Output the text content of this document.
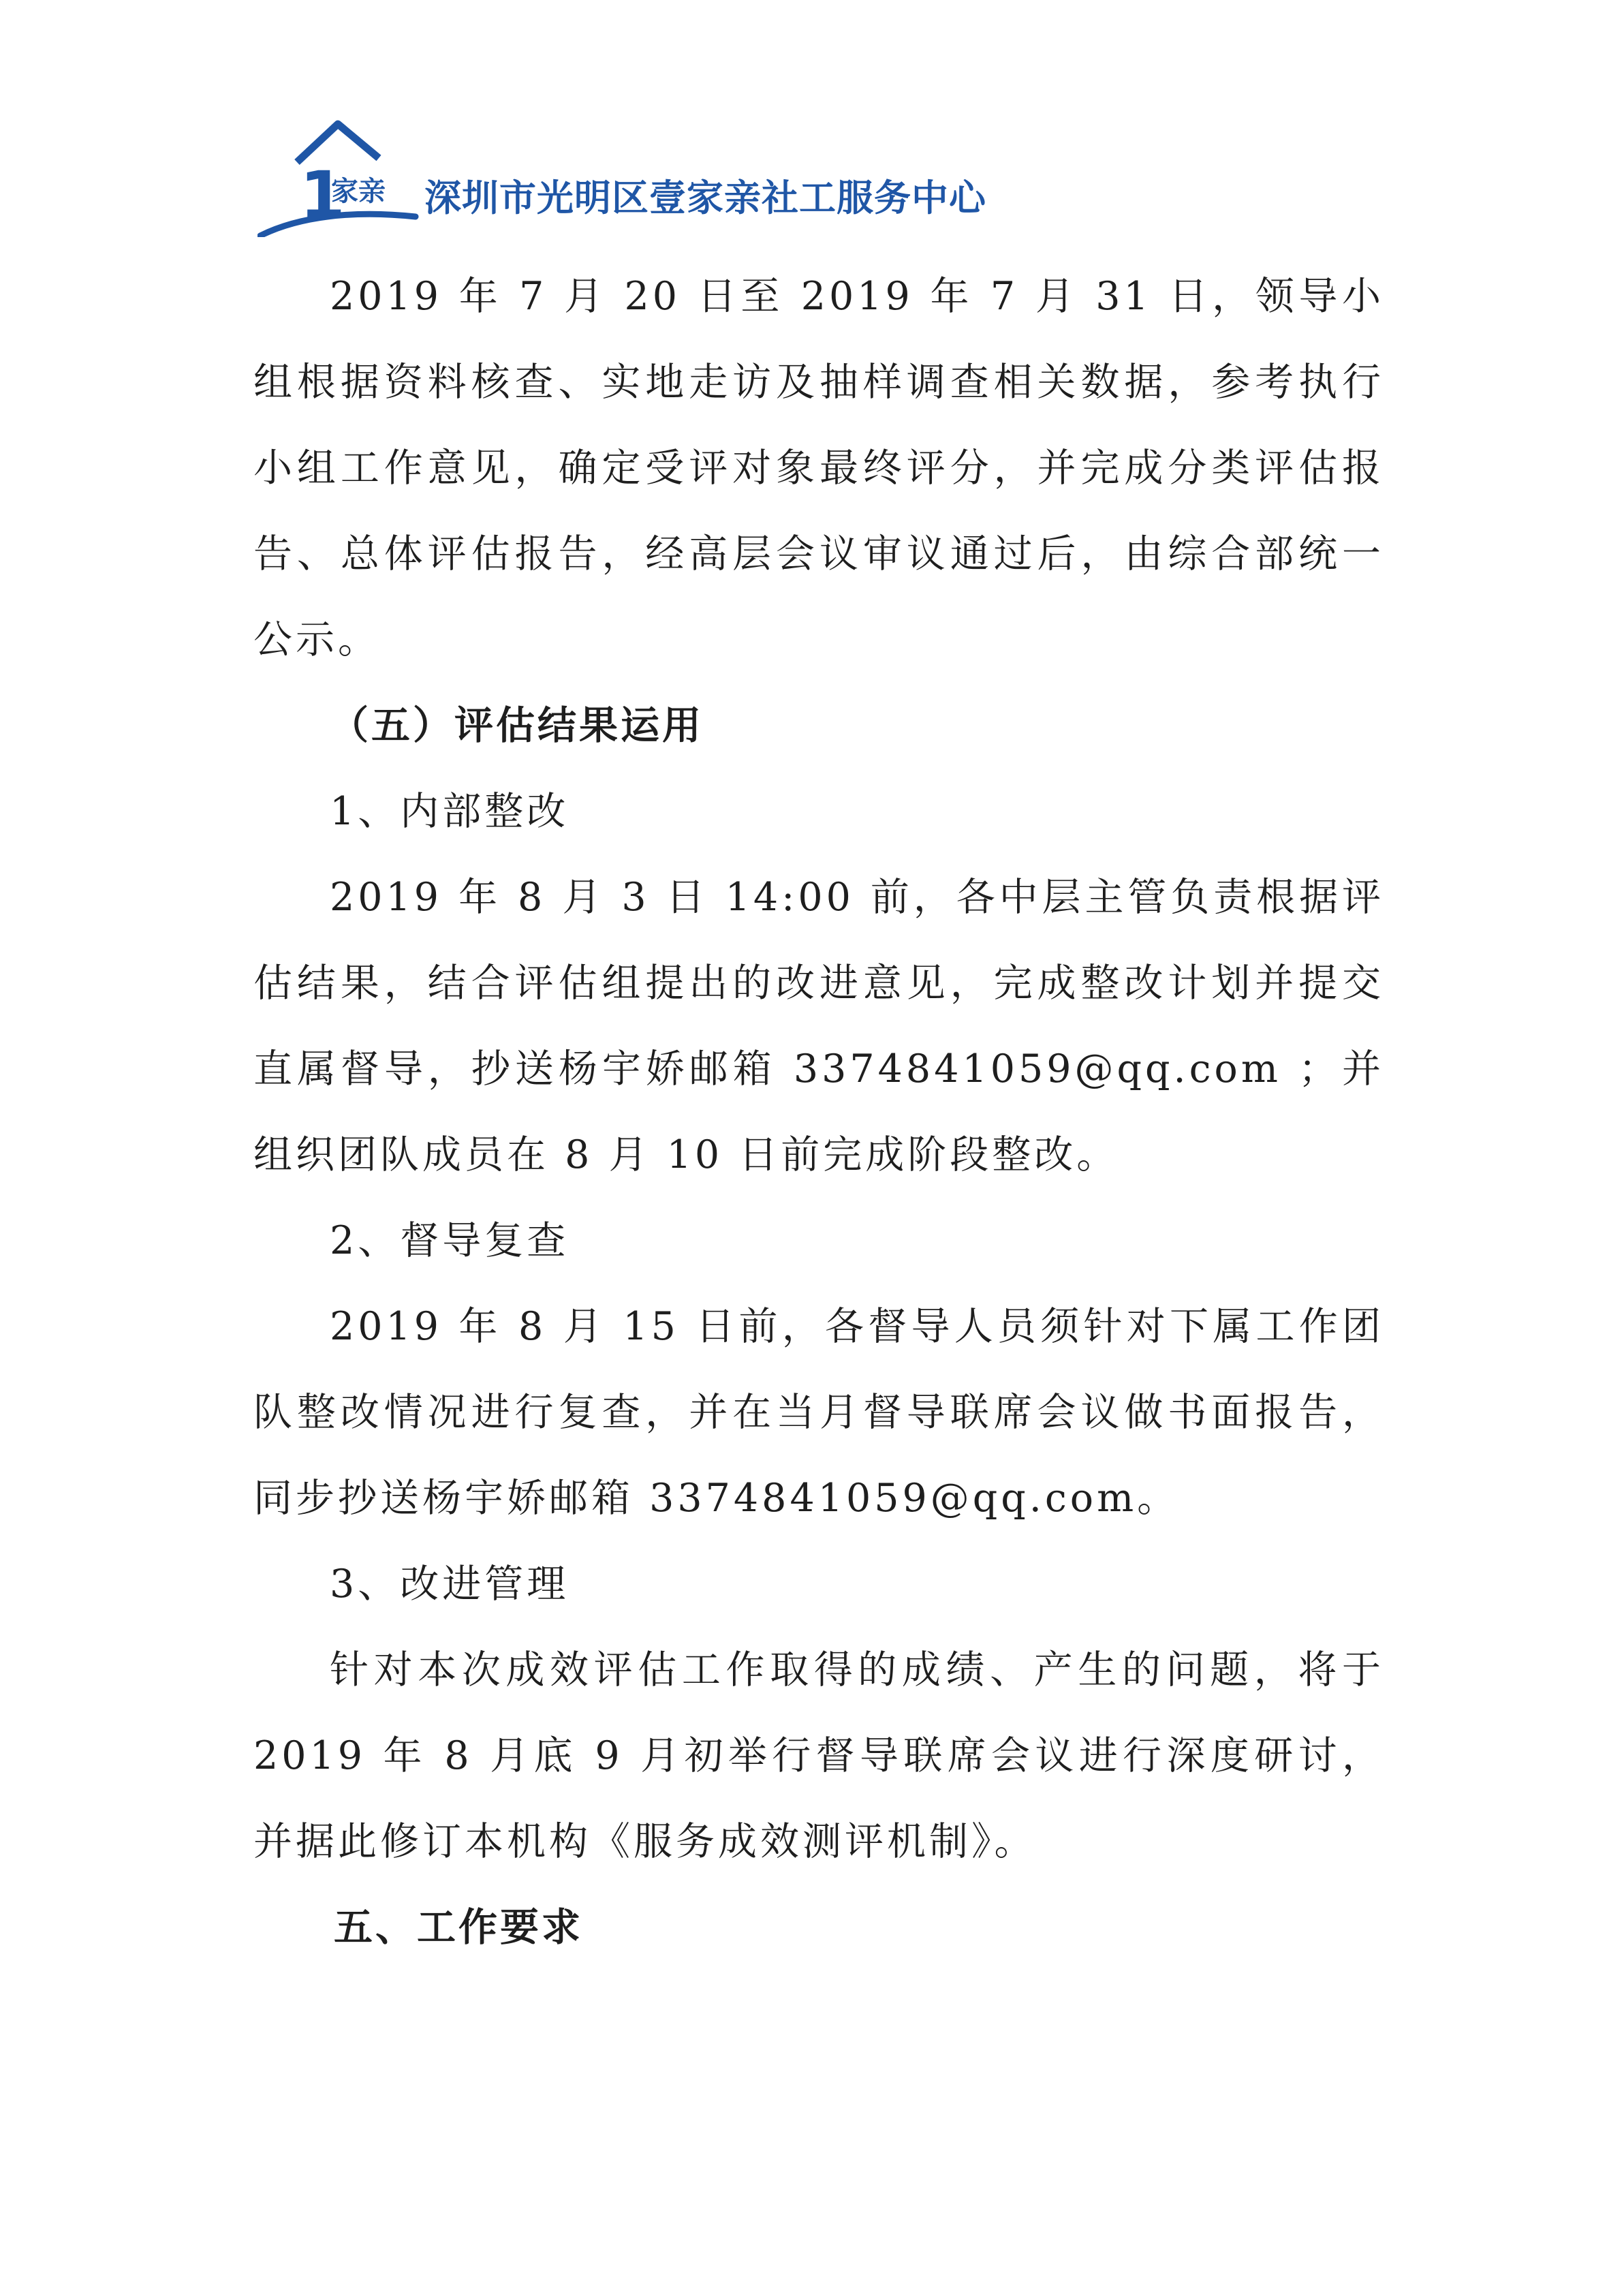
1
家亲 深圳市光明区壹家亲社工服务中心

2019 年 7 月 20 日至 2019 年 7 月 31 日，领导小组根据资料核查、实地走访及抽样调查相关数据，参考执行小组工作意见，确定受评对象最终评分，并完成分类评估报告、总体评估报告，经高层会议审议通过后，由综合部统一公示。

（五）评估结果运用

1、内部整改

2019 年 8 月 3 日 14:00 前，各中层主管负责根据评估结果，结合评估组提出的改进意见，完成整改计划并提交直属督导，抄送杨宇娇邮箱 3374841059@qq.com ；并组织团队成员在 8 月 10 日前完成阶段整改。

2、督导复查

2019 年 8 月 15 日前，各督导人员须针对下属工作团队整改情况进行复查，并在当月督导联席会议做书面报告，同步抄送杨宇娇邮箱 3374841059@qq.com。

3、改进管理

针对本次成效评估工作取得的成绩、产生的问题，将于 2019 年 8 月底 9 月初举行督导联席会议进行深度研讨，并据此修订本机构《服务成效测评机制》。

五、工作要求
